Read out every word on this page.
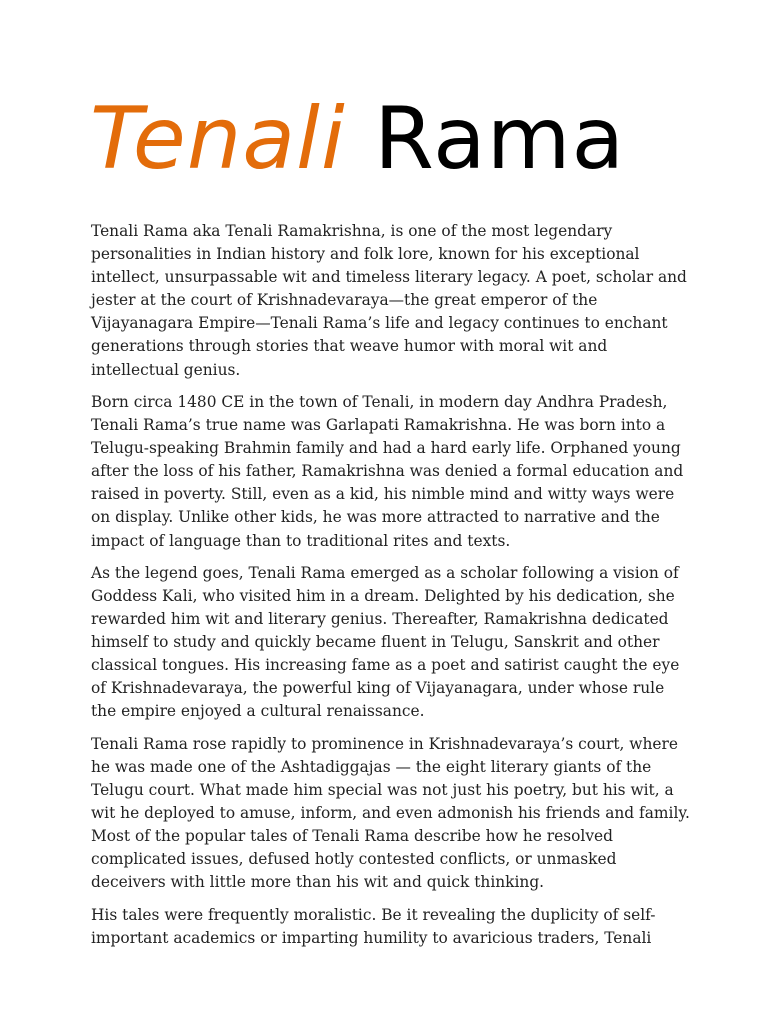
Tenali Rama

Tenali Rama aka Tenali Ramakrishna, is one of the most legendary personalities in Indian history and folk lore, known for his exceptional intellect, unsurpassable wit and timeless literary legacy. A poet, scholar and jester at the court of Krishnadevaraya—the great emperor of the Vijayanagara Empire—Tenali Rama’s life and legacy continues to enchant generations through stories that weave humor with moral wit and intellectual genius.

Born circa 1480 CE in the town of Tenali, in modern day Andhra Pradesh, Tenali Rama’s true name was Garlapati Ramakrishna. He was born into a Telugu-speaking Brahmin family and had a hard early life. Orphaned young after the loss of his father, Ramakrishna was denied a formal education and raised in poverty. Still, even as a kid, his nimble mind and witty ways were on display. Unlike other kids, he was more attracted to narrative and the impact of language than to traditional rites and texts.

As the legend goes, Tenali Rama emerged as a scholar following a vision of Goddess Kali, who visited him in a dream. Delighted by his dedication, she rewarded him wit and literary genius. Thereafter, Ramakrishna dedicated himself to study and quickly became fluent in Telugu, Sanskrit and other classical tongues. His increasing fame as a poet and satirist caught the eye of Krishnadevaraya, the powerful king of Vijayanagara, under whose rule the empire enjoyed a cultural renaissance.

Tenali Rama rose rapidly to prominence in Krishnadevaraya’s court, where he was made one of the Ashtadiggajas — the eight literary giants of the Telugu court. What made him special was not just his poetry, but his wit, a wit he deployed to amuse, inform, and even admonish his friends and family. Most of the popular tales of Tenali Rama describe how he resolved complicated issues, defused hotly contested conflicts, or unmasked deceivers with little more than his wit and quick thinking.

His tales were frequently moralistic. Be it revealing the duplicity of self-important academics or imparting humility to avaricious traders, Tenali
